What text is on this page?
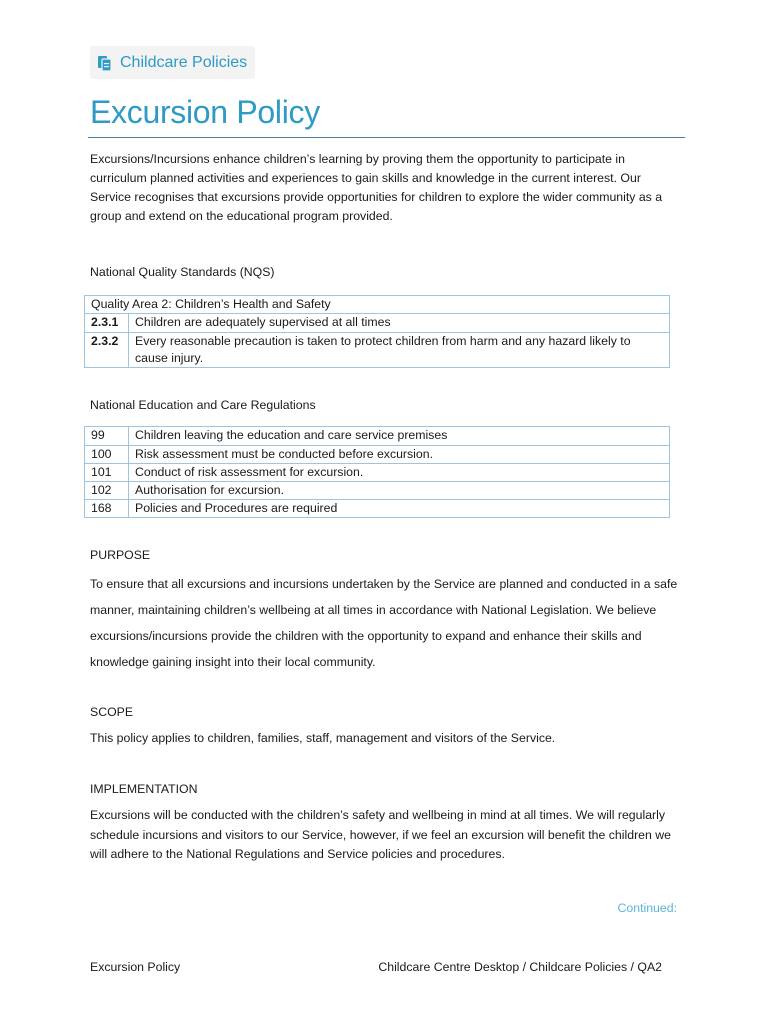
Childcare Policies
Excursion Policy

Excursions/Incursions enhance children’s learning by proving them the opportunity to participate in curriculum planned activities and experiences to gain skills and knowledge in the current interest. Our Service recognises that excursions provide opportunities for children to explore the wider community as a group and extend on the educational program provided.

National Quality Standards (NQS)
Quality Area 2: Children’s Health and Safety	
2.3.1	Children are adequately supervised at all times
2.3.2	Every reasonable precaution is taken to protect children from harm and any hazard likely to cause injury.
National Education and Care Regulations
99	Children leaving the education and care service premises
100	Risk assessment must be conducted before excursion.
101	Conduct of risk assessment for excursion.
102	Authorisation for excursion.
168	Policies and Procedures are required
PURPOSE

To ensure that all excursions and incursions undertaken by the Service are planned and conducted in a safe manner, maintaining children’s wellbeing at all times in accordance with National Legislation. We believe excursions/incursions provide the children with the opportunity to expand and enhance their skills and knowledge gaining insight into their local community.

SCOPE

This policy applies to children, families, staff, management and visitors of the Service.

IMPLEMENTATION

Excursions will be conducted with the children’s safety and wellbeing in mind at all times. We will regularly schedule incursions and visitors to our Service, however, if we feel an excursion will benefit the children we will adhere to the National Regulations and Service policies and procedures.

Continued:
Excursion Policy	Childcare Centre Desktop / Childcare Policies / QA2
